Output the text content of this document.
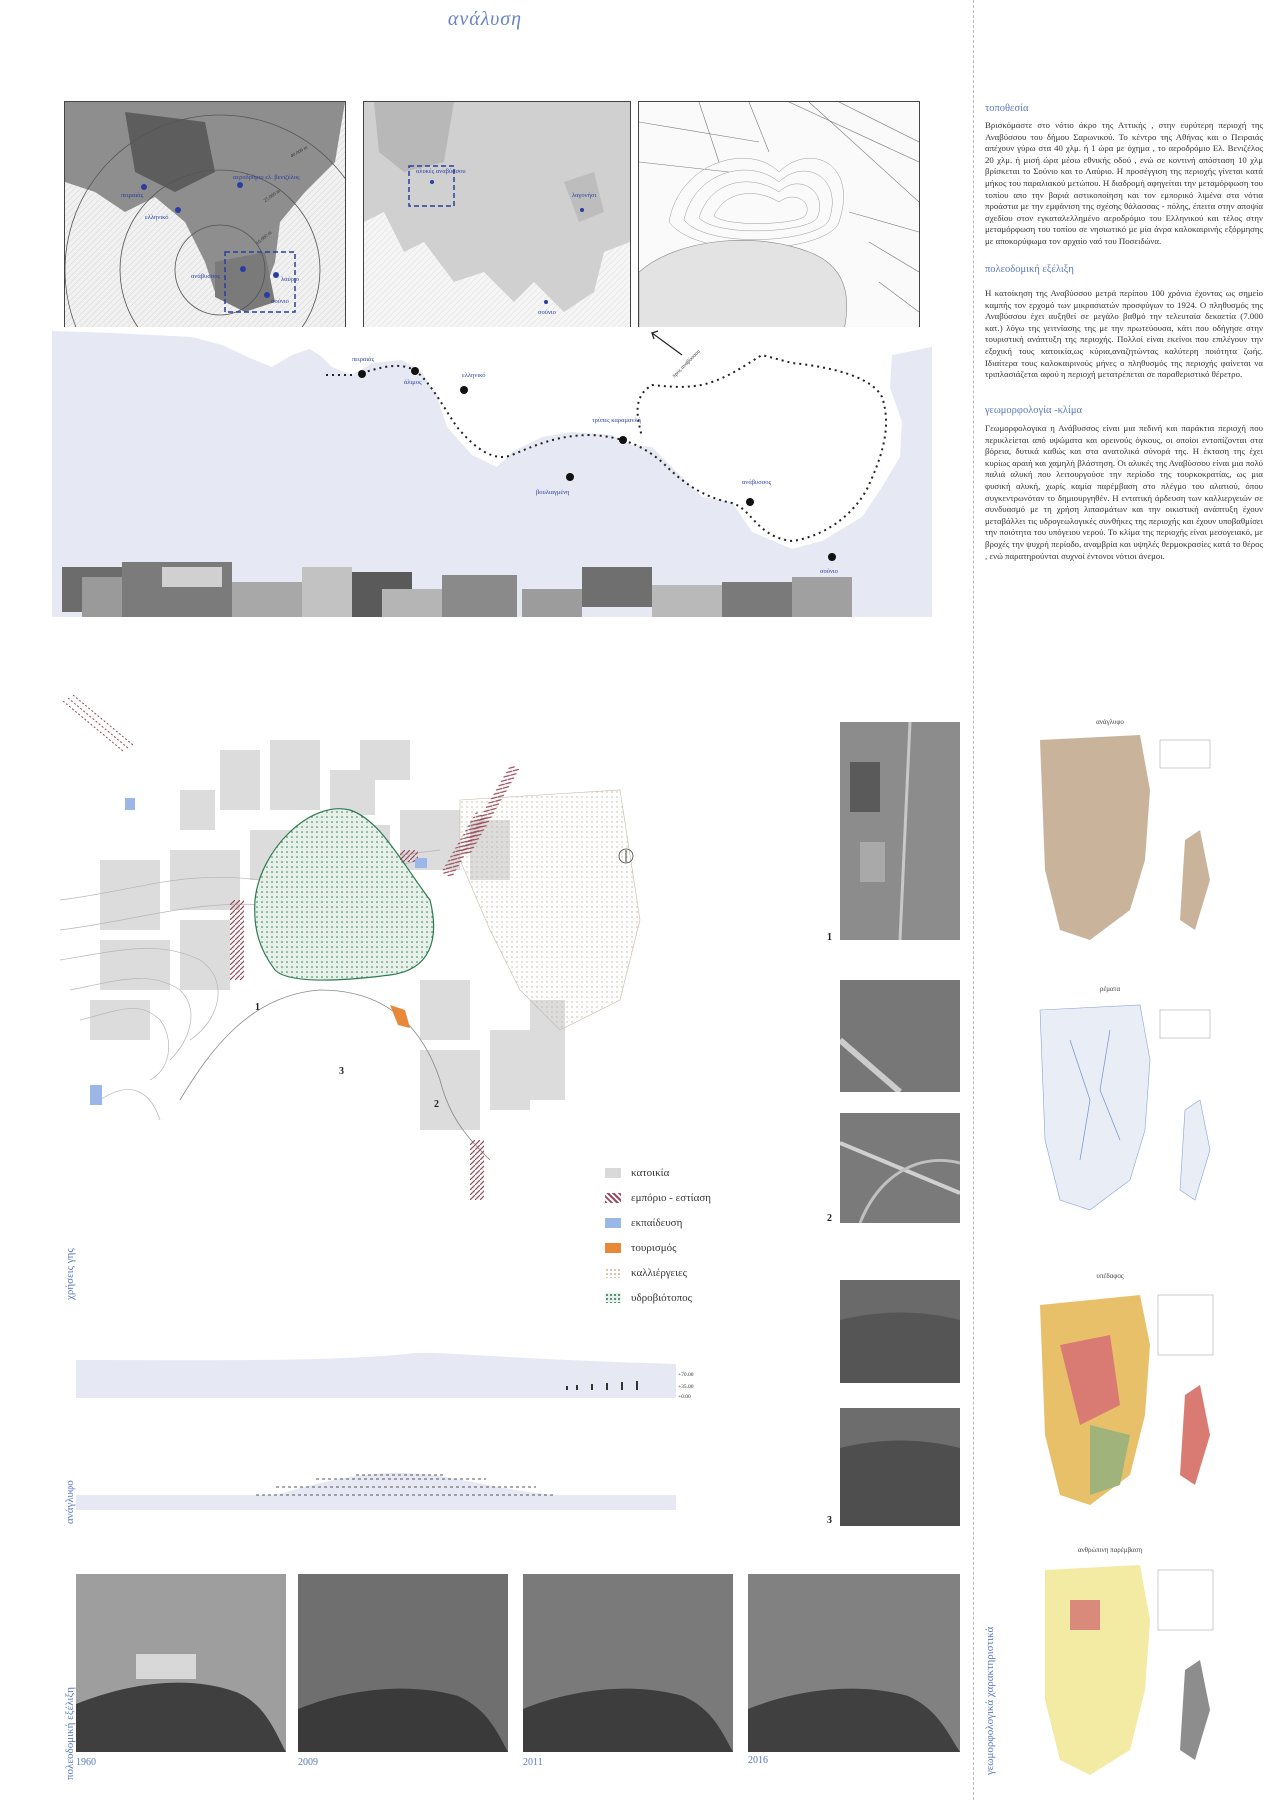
ανάλυση
πειραιάς
ελληνικό
αεροδρόμιο ελ. βενιζέλος
ανάβυσσος	λαύριο
σούνιο
40.000 m
25.000 m
10.000 m
αλυκές αναβύσσου
λαγονήσι
σούνιο
πειραιάς
άλιμος
ελληνικό
τρύπες καραμανλή
βουλιαγμένη
ανάβυσσος
σούνιο
προς αναβύσσου
τοποθεσία
Βρισκόμαστε στο νότιο άκρο της Αττικής , στην ευρύτερη περιοχή της Αναβύσσου του δήμου Σαρωνικού. Το κέντρο της Αθήνας και ο Πειραιάς απέχουν γύρω στα 40 χλμ. ή 1 ώρα με όχημα , το αεροδρόμιο Ελ. Βενιζέλος 20 χλμ. ή μισή ώρα μέσω εθνικής οδού , ενώ σε κοντινή απόσταση 10 χλμ βρίσκεται το Σούνιο και το Λαύριο. Η προσέγγιση της περιοχής γίνεται κατά μήκος του παραλιακού μετώπου. Η διαδρομή αφηγείται την μεταμόρφωση του τοπίου απο την βαριά αστικοποίηση και τον εμπορικό λιμένα στα νότια προάστια με την εμφάνιση της σχέσης θάλασσας - πόλης, έπειτα στην αποψία σχεδίου στον εγκαταλελλημένο αεροδρόμιο του Ελληνικού και τέλος στην μεταμόρφωση του τοπίου σε νησιωτικό με μία άνρα καλοκαιρινής εξόρμησης με αποκορύφωμα τον αρχαίο ναό του Ποσειδώνα.
πολεοδομική εξέλιξη
Η κατοίκηση της Αναβύσσου μετρά περίπου 100 χρόνια έχοντας ως σημείο καμπής τον ερχομό των μικρασιατών προσφύγων το 1924. Ο πληθυσμός της Αναβύσσου έχει αυξηθεί σε μεγάλο βαθμό την τελευταία δεκαετία (7.000 κατ.) λόγω της γειτνίασης της με την πρωτεύουσα, κάτι που οδήγησε στην τουριστική ανάπτυξη της περιοχής. Πολλοί είναι εκείνοι που επιλέγουν την εξοχική τους κατοικία,ως κύρια,αναζητώντας καλύτερη ποιότητα ζωής. Ιδιαίτερα τους καλοκαιρινούς μήνες ο πληθυσμός της περιοχής φαίνεται να τριπλασιάζεται αφού η περιοχή μετατρέπεται σε παραθεριστικό θέρετρο.
γεωμορφολογία -κλίμα
Γεωμορφολογικα η Ανάβυσσος είναι μια πεδινή και παράκτια περιοχή που περικλείεται από υψώματα και ορεινούς όγκους, οι οποίοι εντοπίζονται στα βόρεια, δυτικά καθώς και στα ανατολικά σύνορά της. Η έκταση της έχει κυρίως αραιή και χαμηλή βλάστηση. Οι αλυκές της Αναβύσσου είναι μια πολύ παλιά αλυκή που λειτουργούσε την περίοδο της τουρκοκρατίας, ως μια φυσική αλυκή, χωρίς καμία παρέμβαση στο πλέγμο του αλατιού, όπου συγκεντρωνόταν το δημιουργηθέν. Η εντατική άρδευση των καλλιεργειών σε συνδυασμό με τη χρήση λιπασμάτων και την οικιστική ανάπτυξη έχουν μεταβάλλει τις υδρογεωλογικές συνθήκες της περιοχής και έχουν υποβαθμίσει την ποιότητα του υπόγειου νερού. Το κλίμα της περιοχής είναι μεσογειακό, με βροχές την ψυχρή περίοδο, αναμβρία και υψηλές θερμοκρασίες κατά το θέρος , ενώ παρατηρούνται συχνοί έντονοι νότιοι άνεμοι.
1
2
3
κατοικία
εμπόριο - εστίαση
εκπαίδευση
τουρισμός
καλλιέργειες
υδροβιότοπος
χρήσεις γης
+70.00
+35.00
+0.00
ανάγλυφο
πολεοδομική εξέλιξη 1960	2009	2011	2016
1
2
3
ανάγλυφο
ρέματα
υπέδαφος
ανθρώπινη παρέμβαση
γεωμορφολογικά χαρακτηριστικά
